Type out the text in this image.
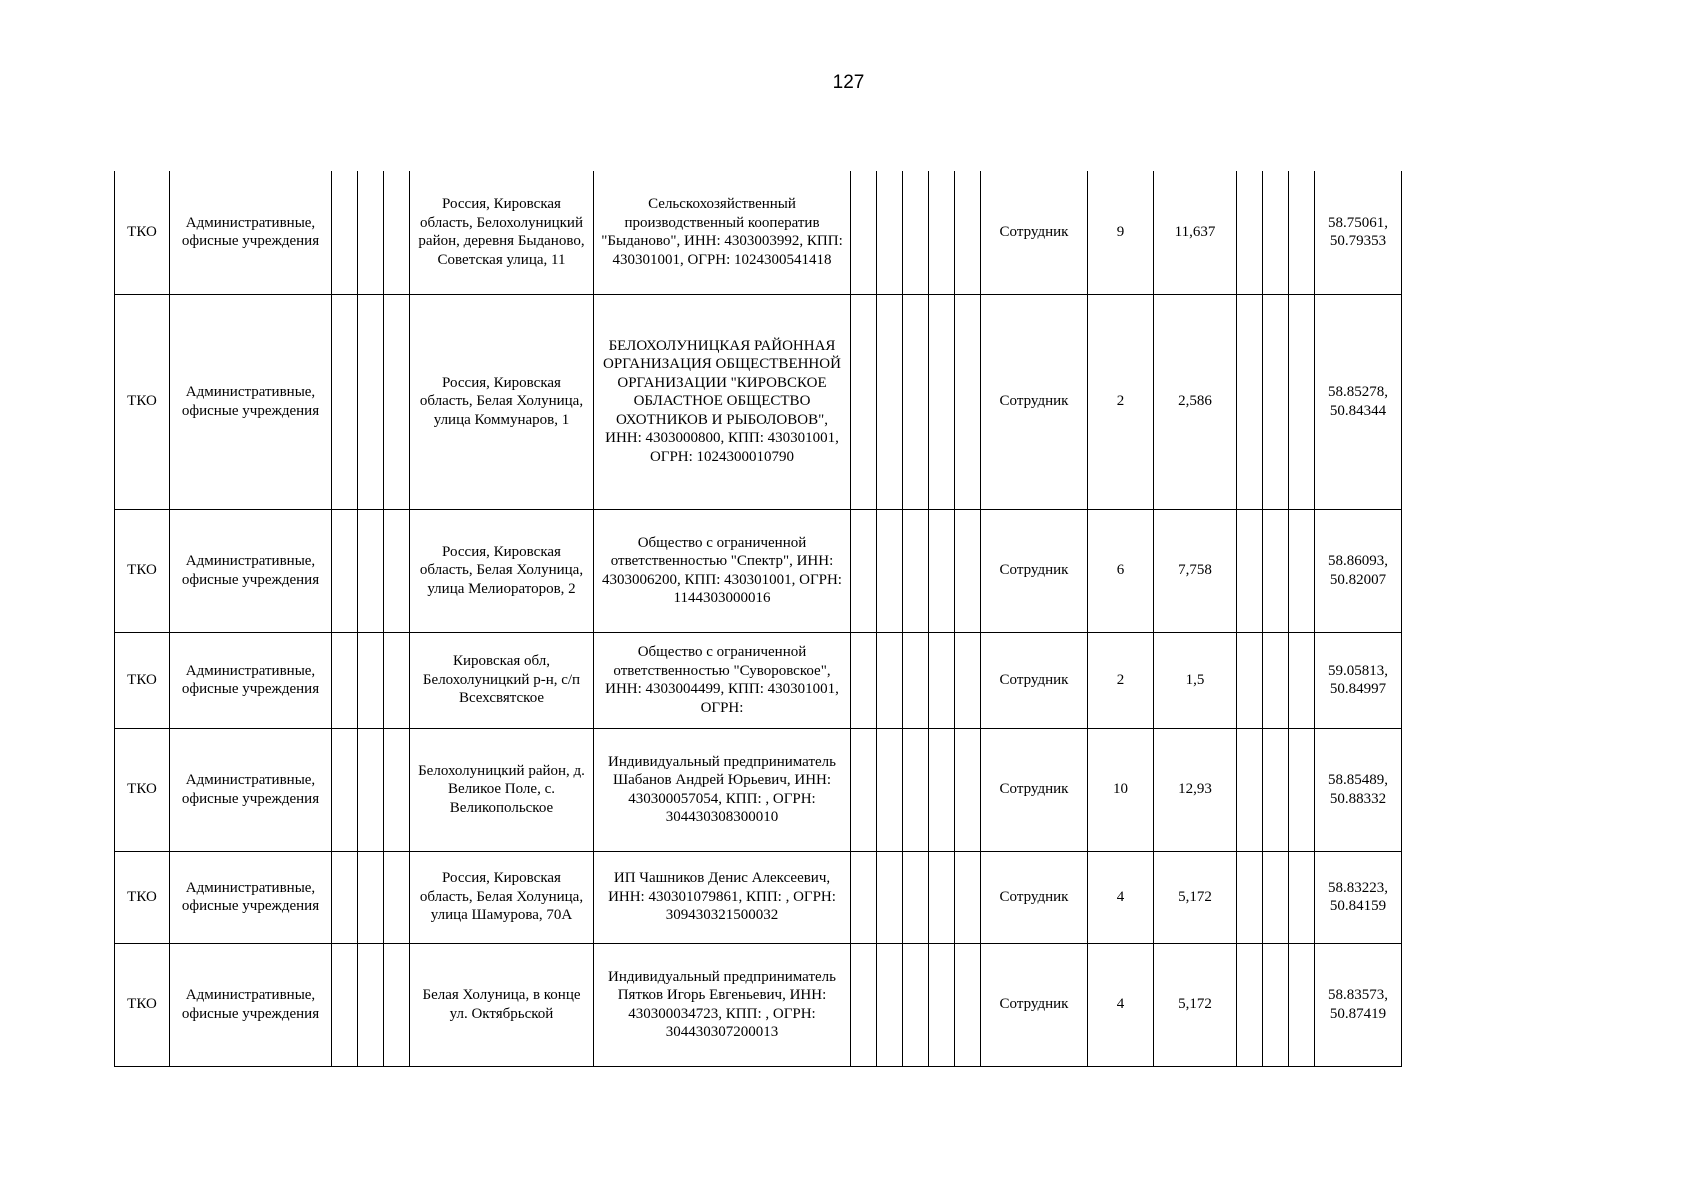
127
ТКО	Административные, офисные учреждения				Россия, Кировская область, Белохолуницкий район, деревня Быданово, Советская улица, 11	Сельскохозяйственный производственный кооператив "Быданово", ИНН: 4303003992, КПП: 430301001, ОГРН: 1024300541418						Сотрудник	9	11,637				58.75061, 50.79353
ТКО	Административные, офисные учреждения				Россия, Кировская область, Белая Холуница, улица Коммунаров, 1	БЕЛОХОЛУНИЦКАЯ РАЙОННАЯ ОРГАНИЗАЦИЯ ОБЩЕСТВЕННОЙ ОРГАНИЗАЦИИ "КИРОВСКОЕ ОБЛАСТНОЕ ОБЩЕСТВО ОХОТНИКОВ И РЫБОЛОВОВ", ИНН: 4303000800, КПП: 430301001, ОГРН: 1024300010790						Сотрудник	2	2,586				58.85278, 50.84344
ТКО	Административные, офисные учреждения				Россия, Кировская область, Белая Холуница, улица Мелиораторов, 2	Общество с ограниченной ответственностью "Спектр", ИНН: 4303006200, КПП: 430301001, ОГРН: 1144303000016						Сотрудник	6	7,758				58.86093, 50.82007
ТКО	Административные, офисные учреждения				Кировская обл, Белохолуницкий р-н, с/п Всехсвятское	Общество с ограниченной ответственностью "Суворовское", ИНН: 4303004499, КПП: 430301001, ОГРН:						Сотрудник	2	1,5				59.05813, 50.84997
ТКО	Административные, офисные учреждения				Белохолуницкий район, д. Великое Поле, с. Великопольское	Индивидуальный предприниматель Шабанов Андрей Юрьевич, ИНН: 430300057054, КПП: , ОГРН: 304430308300010						Сотрудник	10	12,93				58.85489, 50.88332
ТКО	Административные, офисные учреждения				Россия, Кировская область, Белая Холуница, улица Шамурова, 70А	ИП Чашников Денис Алексеевич, ИНН: 430301079861, КПП: , ОГРН: 309430321500032						Сотрудник	4	5,172				58.83223, 50.84159
ТКО	Административные, офисные учреждения				Белая Холуница, в конце ул. Октябрьской	Индивидуальный предприниматель Пятков Игорь Евгеньевич, ИНН: 430300034723, КПП: , ОГРН: 304430307200013						Сотрудник	4	5,172				58.83573, 50.87419
